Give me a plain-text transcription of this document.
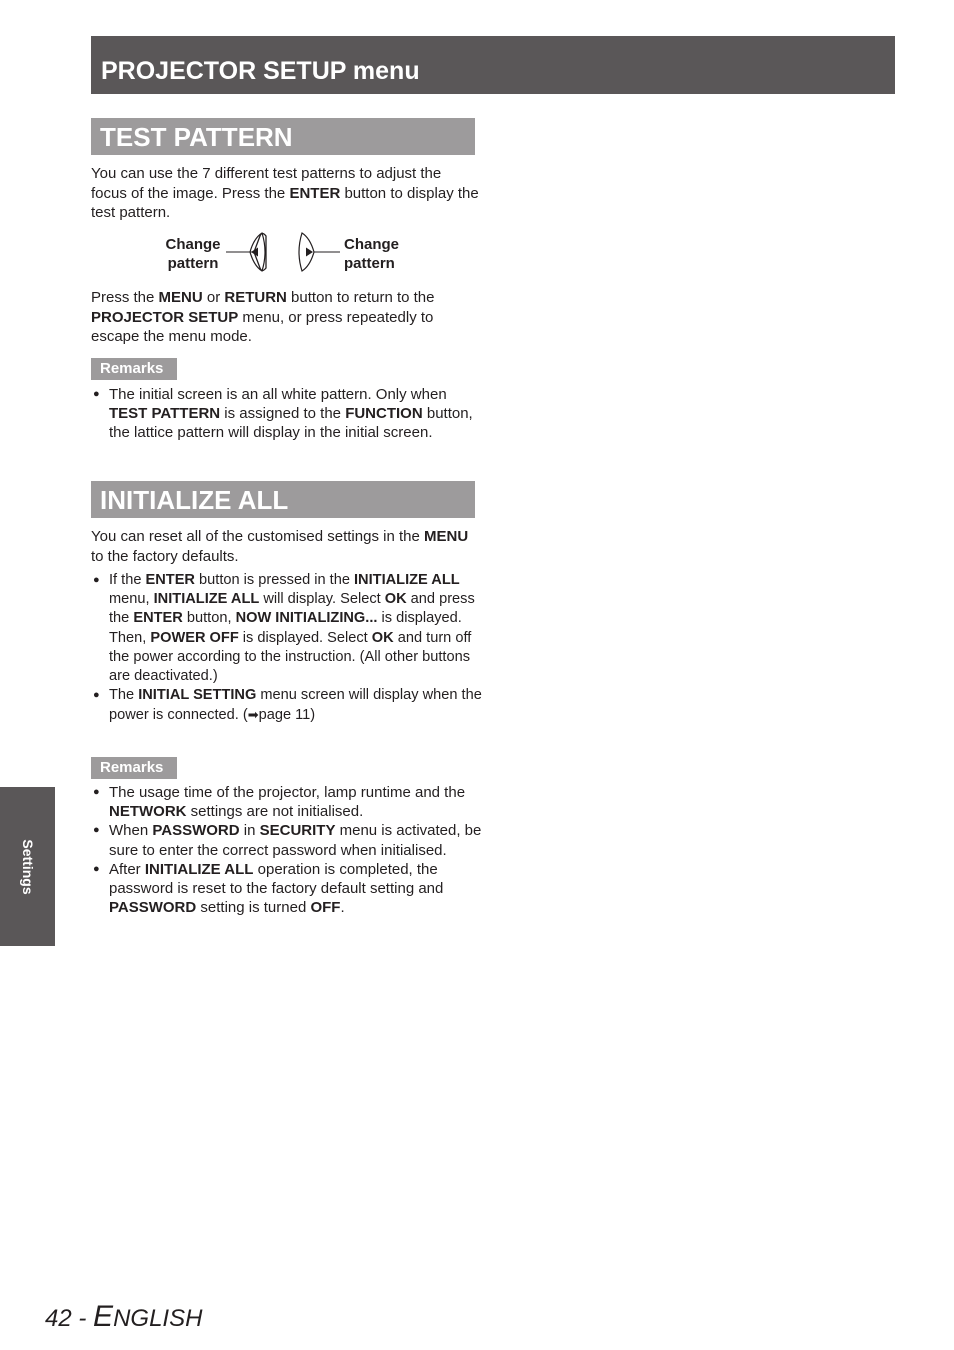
PROJECTOR SETUP menu
TEST PATTERN
You can use the 7 different test patterns to adjust the focus of the image. Press the ENTER button to display the test pattern.
Change pattern
Change pattern
Press the MENU or RETURN button to return to the PROJECTOR SETUP menu, or press repeatedly to escape the menu mode.
Remarks
● The initial screen is an all white pattern. Only when TEST PATTERN is assigned to the FUNCTION button, the lattice pattern will display in the initial screen.
INITIALIZE ALL
You can reset all of the customised settings in the MENU to the factory defaults.
● If the ENTER button is pressed in the INITIALIZE ALL menu, INITIALIZE ALL will display. Select OK and press the ENTER button, NOW INITIALIZING... is displayed. Then, POWER OFF is displayed. Select OK and turn off the power according to the instruction. (All other buttons are deactivated.)
● The INITIAL SETTING menu screen will display when the power is connected. (➡page 11)
Remarks
● The usage time of the projector, lamp runtime and the NETWORK settings are not initialised.
● When PASSWORD in SECURITY menu is activated, be sure to enter the correct password when initialised.
● After INITIALIZE ALL operation is completed, the password is reset to the factory default setting and PASSWORD setting is turned OFF.
Settings
42 - ENGLISH
